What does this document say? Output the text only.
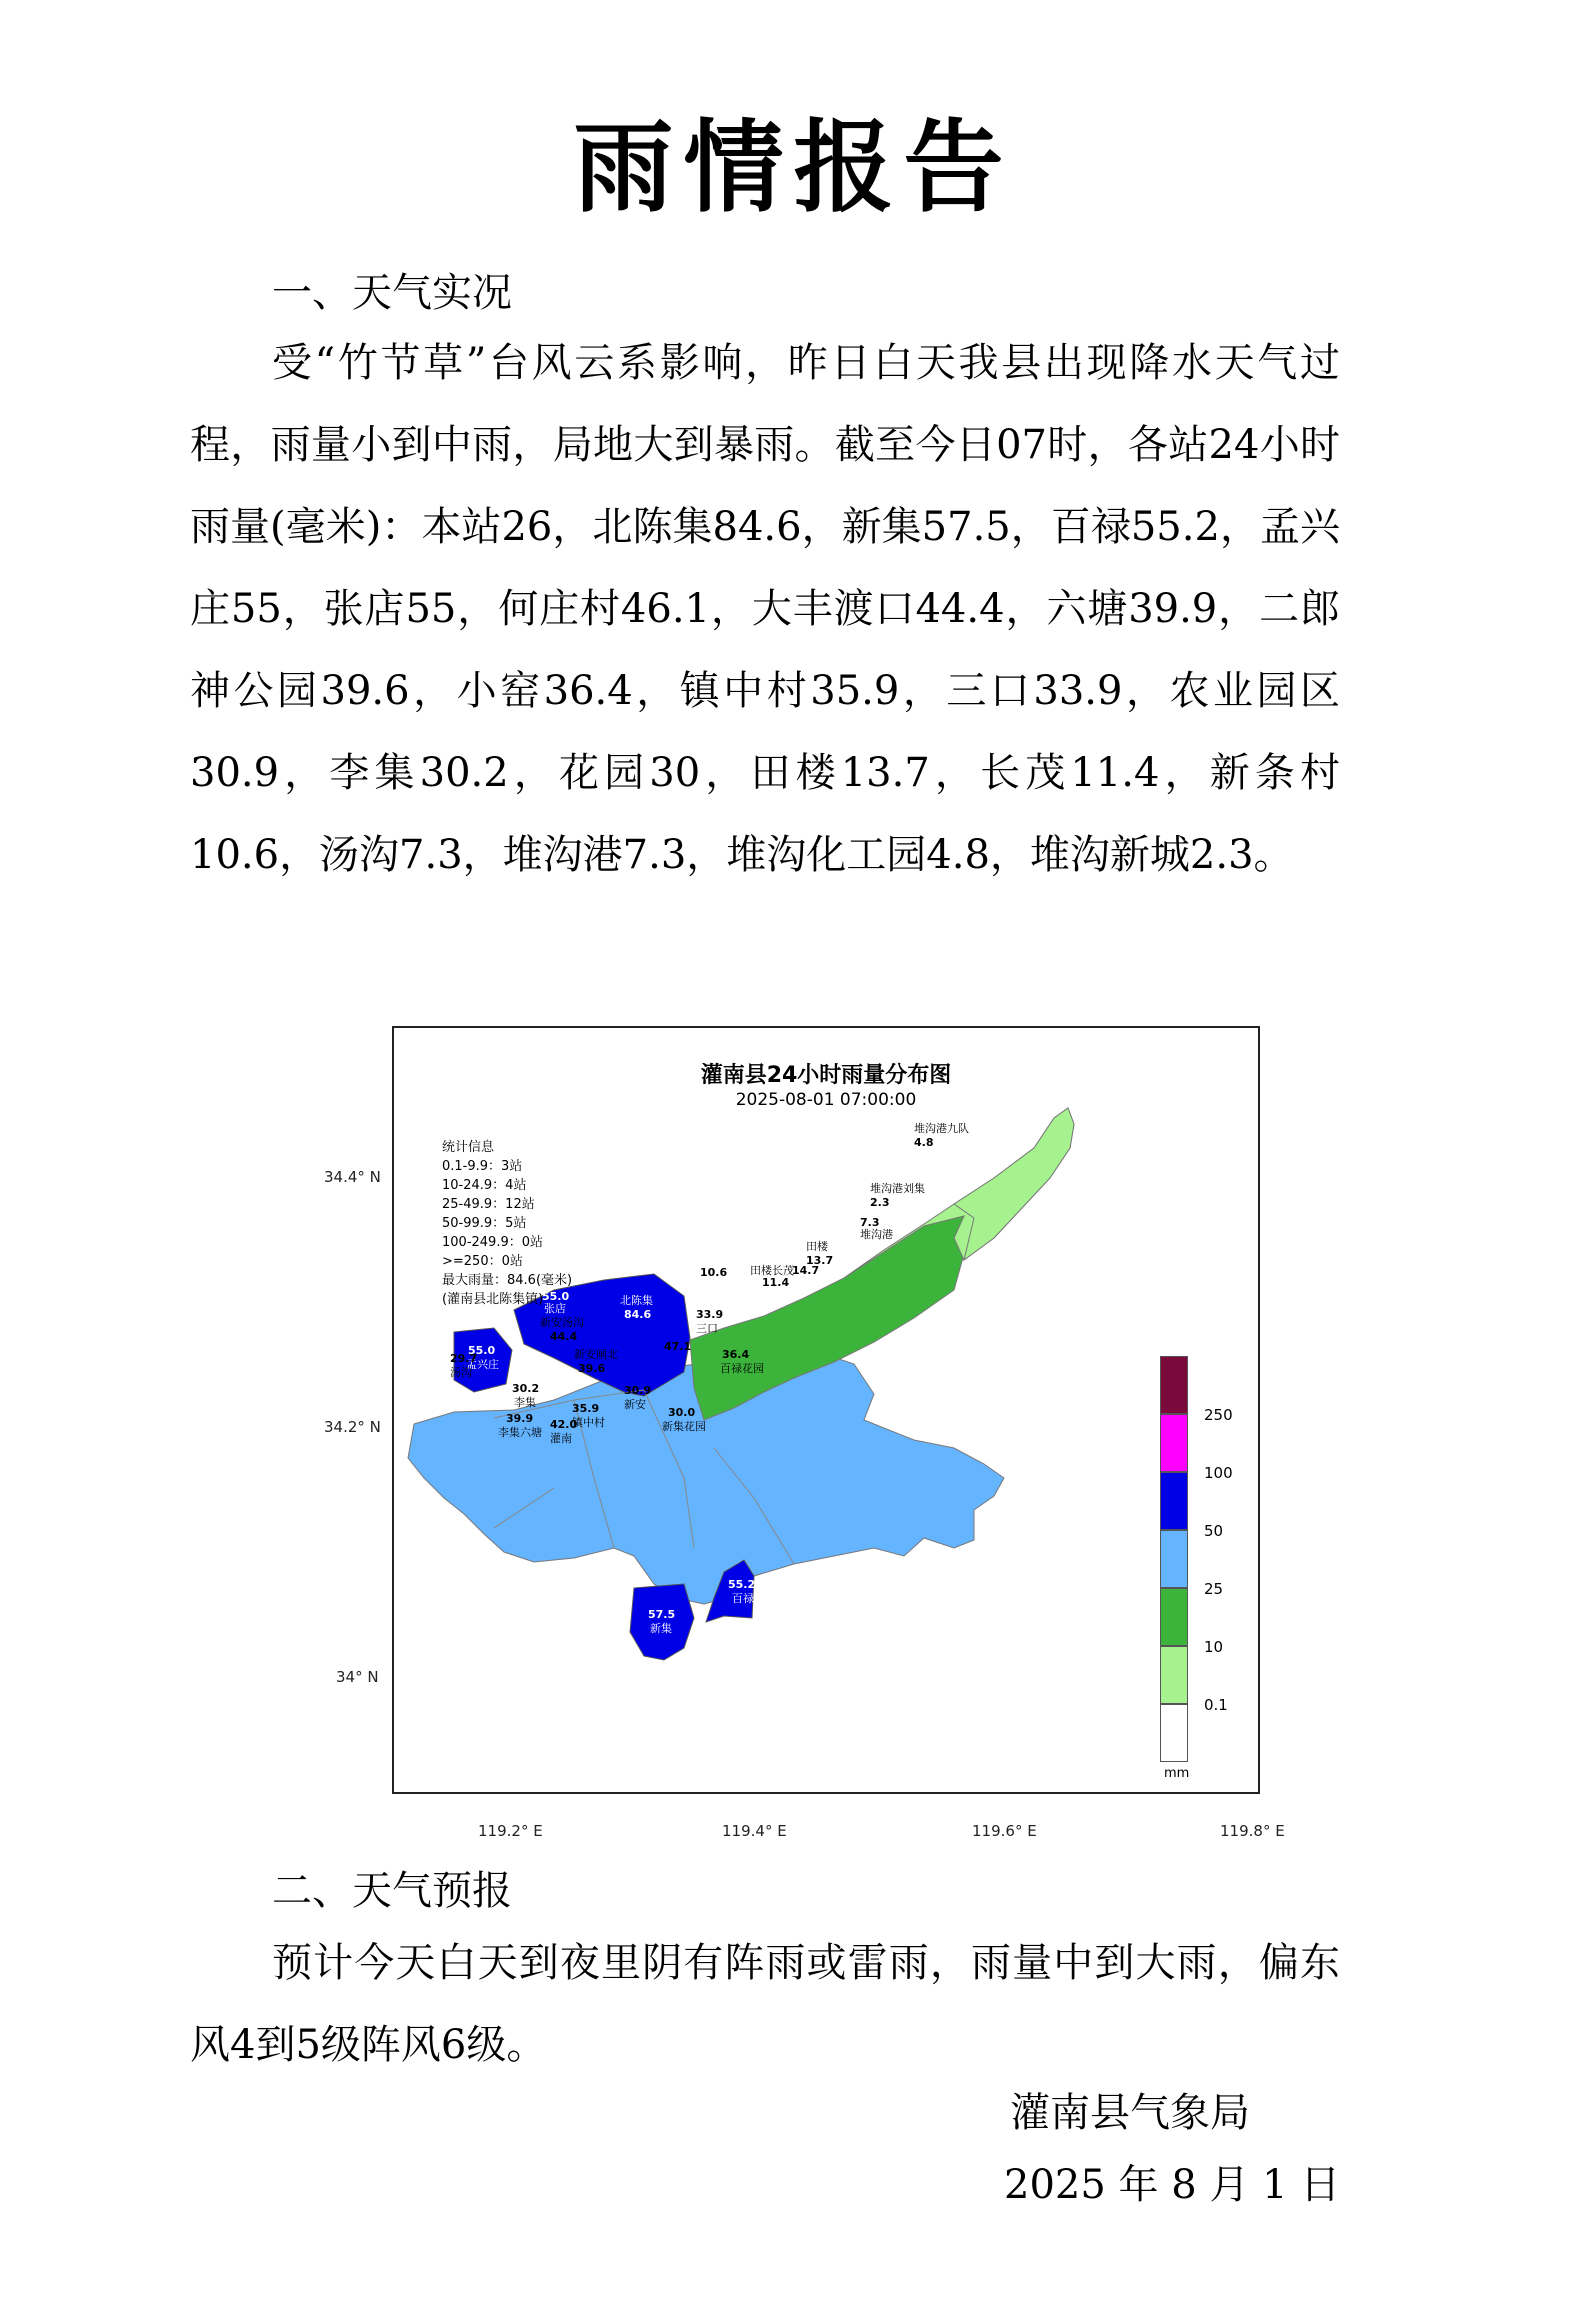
雨情报告
一、天气实况

受“竹节草”台风云系影响，昨日白天我县出现降水天气过程，雨量小到中雨，局地大到暴雨。截至今日07时，各站24小时雨量(毫米)：本站26，北陈集84.6，新集57.5，百禄55.2，孟兴庄55，张店55，何庄村46.1，大丰渡口44.4，六塘39.9，二郎神公园39.6，小窑36.4，镇中村35.9，三口33.9，农业园区30.9，李集30.2，花园30，田楼13.7，长茂11.4，新条村10.6，汤沟7.3，堆沟港7.3，堆沟化工园4.8，堆沟新城2.3。

灌南县24小时雨量分布图
2025-08-01 07:00:00
4.8
堆沟港九队
2.3
堆沟港刘集
7.3
堆沟港
田楼
13.7
田楼长茂
14.7
11.4
10.6
55.0
张店
北陈集
84.6
55.0
孟兴庄
新安汤沟
44.4
新安闸北
39.6
47.1
33.9
三口
36.4
百禄花园
29.7
汤沟
30.2
李集
39.9
李集六塘
42.0
灌南
35.9
镇中村
30.9
新安
30.0
新集花园
55.2
百禄
57.5
新集
统计信息
0.1-9.9：3站
10-24.9：4站
25-49.9：12站
50-99.9：5站
100-249.9：0站
>=250：0站
最大雨量：84.6(毫米)
(灌南县北陈集镇)
250
100
50
25
10
0.1
mm
34.4° N
34.2° N
34° N
119.2° E	119.4° E	119.6° E	119.8° E
二、天气预报

预计今天白天到夜里阴有阵雨或雷雨，雨量中到大雨，偏东风4到5级阵风6级。

灌南县气象局
2025 年 8 月 1 日
